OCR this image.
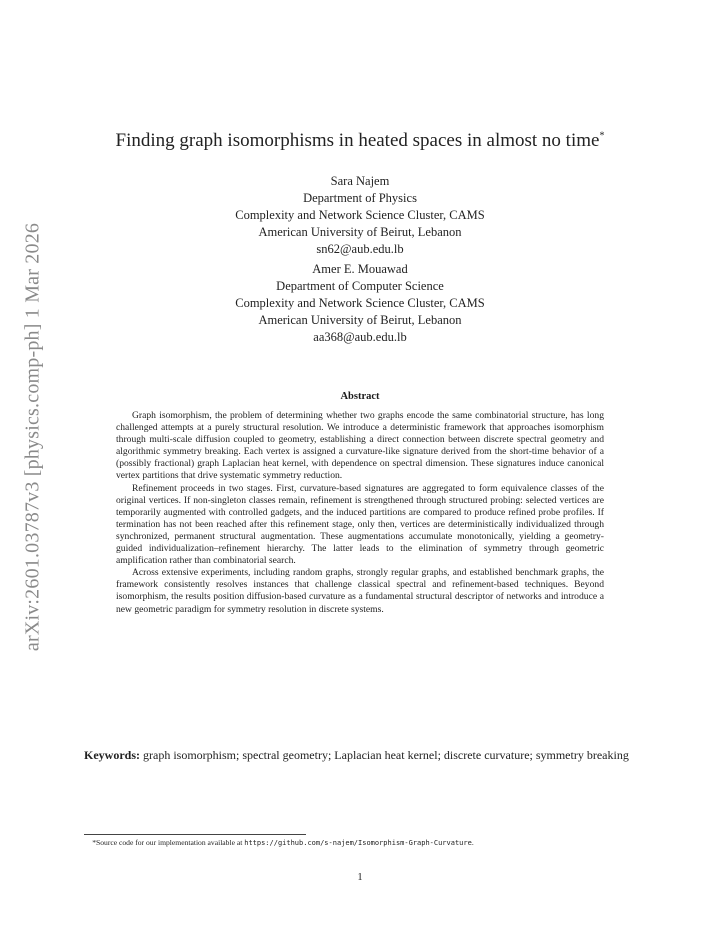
arXiv:2601.03787v3 [physics.comp-ph] 1 Mar 2026
Finding graph isomorphisms in heated spaces in almost no time*
Sara Najem
Department of Physics
Complexity and Network Science Cluster, CAMS
American University of Beirut, Lebanon
sn62@aub.edu.lb
Amer E. Mouawad
Department of Computer Science
Complexity and Network Science Cluster, CAMS
American University of Beirut, Lebanon
aa368@aub.edu.lb
Abstract

Graph isomorphism, the problem of determining whether two graphs encode the same combinatorial structure, has long challenged attempts at a purely structural resolution. We introduce a deterministic framework that approaches isomorphism through multi-scale diffusion coupled to geometry, establishing a direct connection between discrete spectral geometry and algorithmic symmetry breaking. Each vertex is assigned a curvature-like signature derived from the short-time behavior of a (possibly fractional) graph Laplacian heat kernel, with dependence on spectral dimension. These signatures induce canonical vertex partitions that drive systematic symmetry reduction.

Refinement proceeds in two stages. First, curvature-based signatures are aggregated to form equivalence classes of the original vertices. If non-singleton classes remain, refinement is strengthened through structured probing: selected vertices are temporarily augmented with controlled gadgets, and the induced partitions are compared to produce refined probe profiles. If termination has not been reached after this refinement stage, only then, vertices are deterministically individualized through synchronized, permanent structural augmentation. These augmentations accumulate monotonically, yielding a geometry-guided individualization–refinement hierarchy. The latter leads to the elimination of symmetry through geometric amplification rather than combinatorial search.

Across extensive experiments, including random graphs, strongly regular graphs, and established benchmark graphs, the framework consistently resolves instances that challenge classical spectral and refinement-based techniques. Beyond isomorphism, the results position diffusion-based curvature as a fundamental structural descriptor of networks and introduce a new geometric paradigm for symmetry resolution in discrete systems.

Keywords: graph isomorphism; spectral geometry; Laplacian heat kernel; discrete curvature; symmetry breaking
*Source code for our implementation available at https://github.com/s-najem/Isomorphism-Graph-Curvature.
1
